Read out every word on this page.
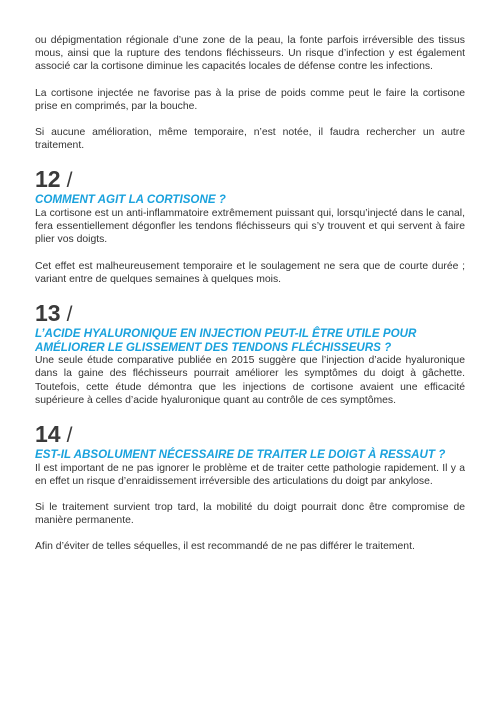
ou dépigmentation régionale d’une zone de la peau, la fonte parfois irréversible des tissus mous, ainsi que la rupture des tendons fléchisseurs. Un risque d’infection y est également associé car la cortisone diminue les capacités locales de défense contre les infections.

La cortisone injectée ne favorise pas à la prise de poids comme peut le faire la cortisone prise en comprimés, par la bouche.

Si aucune amélioration, même temporaire, n’est notée, il faudra rechercher un autre traitement.

12 /
COMMENT AGIT LA CORTISONE ?

La cortisone est un anti-inflammatoire extrêmement puissant qui, lorsqu’injecté dans le canal, fera essentiellement dégonfler les tendons fléchisseurs qui s’y trouvent et qui servent à faire plier vos doigts.

Cet effet est malheureusement temporaire et le soulagement ne sera que de courte durée ; variant entre de quelques semaines à quelques mois.

13 /
L’ACIDE HYALURONIQUE EN INJECTION PEUT-IL ÊTRE UTILE POUR AMÉLIORER LE GLISSEMENT DES TENDONS FLÉCHISSEURS ?

Une seule étude comparative publiée en 2015 suggère que l’injection d’acide hyaluronique dans la gaine des fléchisseurs pourrait améliorer les symptômes du doigt à gâchette. Toutefois, cette étude démontra que les injections de cortisone avaient une efficacité supérieure à celles d’acide hyaluronique quant au contrôle de ces symptômes.

14 /
EST-IL ABSOLUMENT NÉCESSAIRE DE TRAITER LE DOIGT À RESSAUT ?

Il est important de ne pas ignorer le problème et de traiter cette pathologie rapidement. Il y a en effet un risque d’enraidissement irréversible des articulations du doigt par ankylose.

Si le traitement survient trop tard, la mobilité du doigt pourrait donc être compromise de manière permanente.

Afin d’éviter de telles séquelles, il est recommandé de ne pas différer le traitement.
